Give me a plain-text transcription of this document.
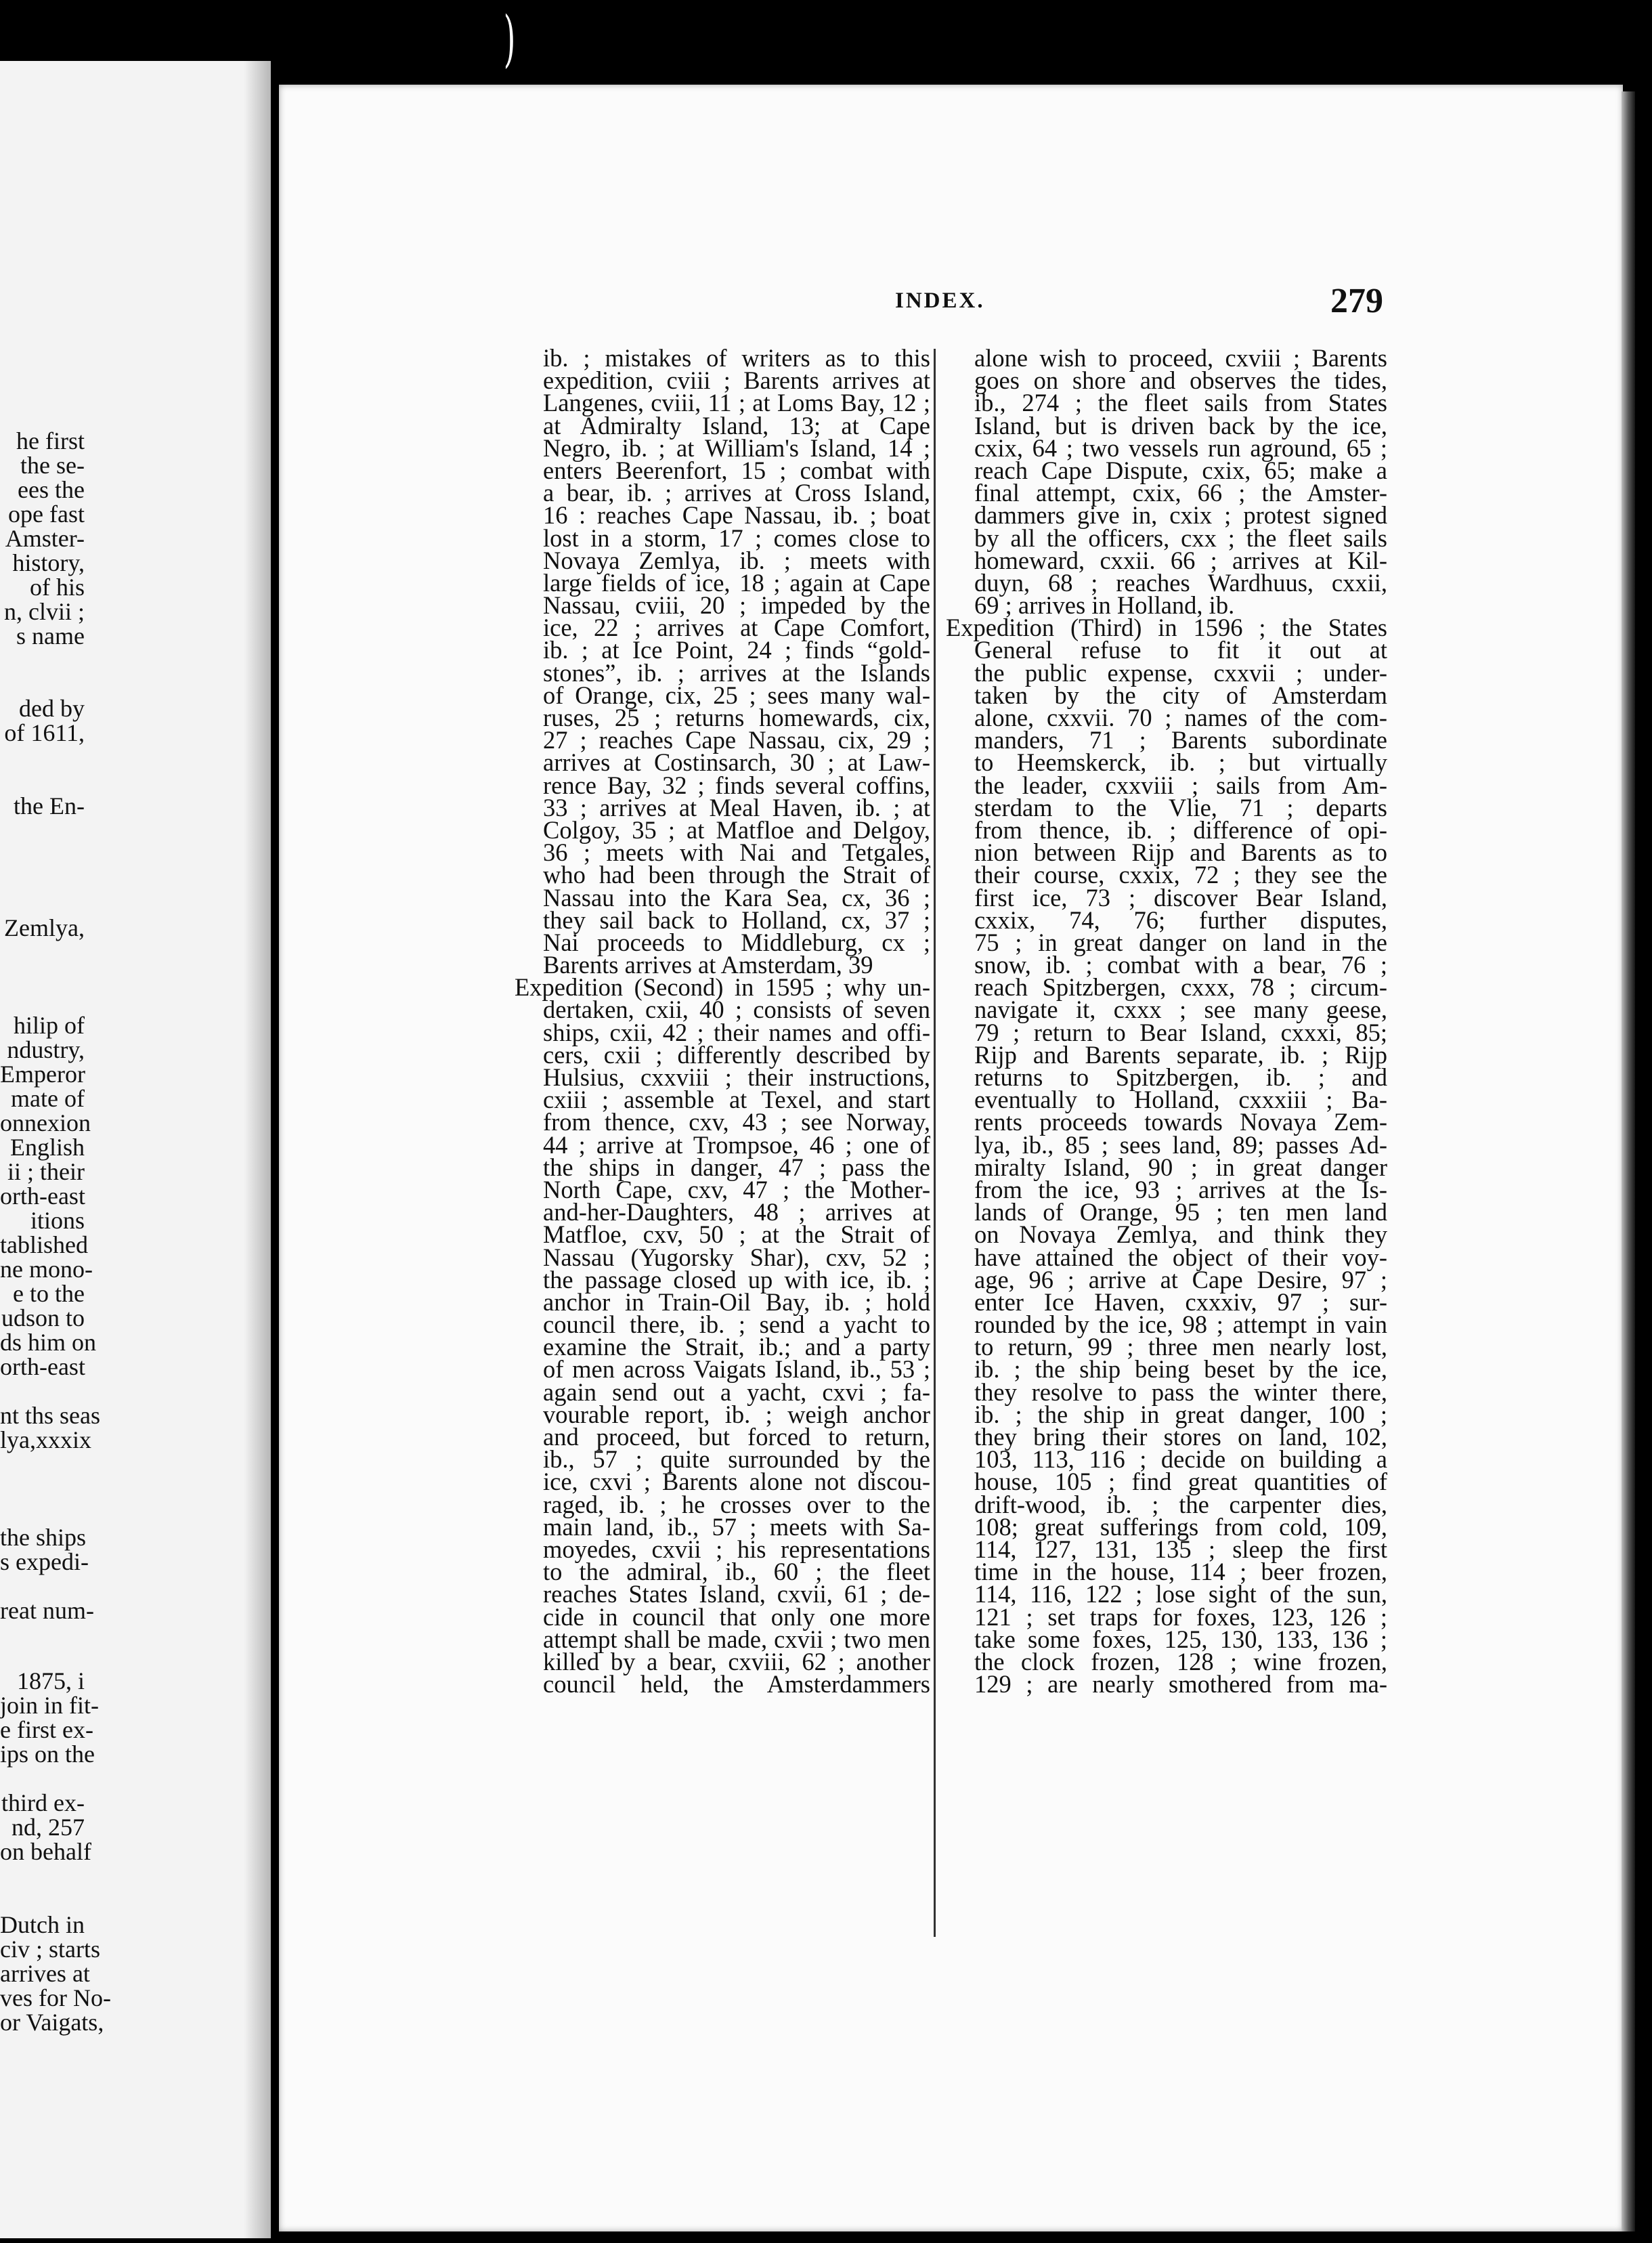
he first
the se-
ees the
ope fast
Amster-
history,
of his
n, clvii ;
s name
ded by
of 1611,
the En-
Zemlya,
hilip of
ndustry,
Emperor
mate of
onnexion
English
ii ; their
orth-east
itions
tablished
ne mono-
e to the
udson to
ds him on
orth-east
nt ths seas
lya,xxxix
the ships
s expedi-
reat num-
1875, i
join in fit-
e first ex-
ips on the
third ex-
nd, 257
on behalf
Dutch in
civ ; starts
arrives at
ves for No-
or Vaigats,
)
INDEX.	279
ib. ; mistakes of writers as to this
expedition, cviii ; Barents arrives at
Langenes, cviii, 11 ; at Loms Bay, 12 ;
at Admiralty Island, 13; at Cape
Negro, ib. ; at William's Island, 14 ;
enters Beerenfort, 15 ; combat with
a bear, ib. ; arrives at Cross Island,
16 : reaches Cape Nassau, ib. ; boat
lost in a storm, 17 ; comes close to
Novaya Zemlya, ib. ; meets with
large fields of ice, 18 ; again at Cape
Nassau, cviii, 20 ; impeded by the
ice, 22 ; arrives at Cape Comfort,
ib. ; at Ice Point, 24 ; finds “gold-
stones”, ib. ; arrives at the Islands
of Orange, cix, 25 ; sees many wal-
ruses, 25 ; returns homewards, cix,
27 ; reaches Cape Nassau, cix, 29 ;
arrives at Costinsarch, 30 ; at Law-
rence Bay, 32 ; finds several coffins,
33 ; arrives at Meal Haven, ib. ; at
Colgoy, 35 ; at Matfloe and Delgoy,
36 ; meets with Nai and Tetgales,
who had been through the Strait of
Nassau into the Kara Sea, cx, 36 ;
they sail back to Holland, cx, 37 ;
Nai proceeds to Middleburg, cx ;
Barents arrives at Amsterdam, 39
Expedition (Second) in 1595 ; why un-
dertaken, cxii, 40 ; consists of seven
ships, cxii, 42 ; their names and offi-
cers, cxii ; differently described by
Hulsius, cxxviii ; their instructions,
cxiii ; assemble at Texel, and start
from thence, cxv, 43 ; see Norway,
44 ; arrive at Trompsoe, 46 ; one of
the ships in danger, 47 ; pass the
North Cape, cxv, 47 ; the Mother-
and-her-Daughters, 48 ; arrives at
Matfloe, cxv, 50 ; at the Strait of
Nassau (Yugorsky Shar), cxv, 52 ;
the passage closed up with ice, ib. ;
anchor in Train-Oil Bay, ib. ; hold
council there, ib. ; send a yacht to
examine the Strait, ib.; and a party
of men across Vaigats Island, ib., 53 ;
again send out a yacht, cxvi ; fa-
vourable report, ib. ; weigh anchor
and proceed, but forced to return,
ib., 57 ; quite surrounded by the
ice, cxvi ; Barents alone not discou-
raged, ib. ; he crosses over to the
main land, ib., 57 ; meets with Sa-
moyedes, cxvii ; his representations
to the admiral, ib., 60 ; the fleet
reaches States Island, cxvii, 61 ; de-
cide in council that only one more
attempt shall be made, cxvii ; two men
killed by a bear, cxviii, 62 ; another
council held, the Amsterdammers
alone wish to proceed, cxviii ; Barents
goes on shore and observes the tides,
ib., 274 ; the fleet sails from States
Island, but is driven back by the ice,
cxix, 64 ; two vessels run aground, 65 ;
reach Cape Dispute, cxix, 65; make a
final attempt, cxix, 66 ; the Amster-
dammers give in, cxix ; protest signed
by all the officers, cxx ; the fleet sails
homeward, cxxii. 66 ; arrives at Kil-
duyn, 68 ; reaches Wardhuus, cxxii,
69 ; arrives in Holland, ib.
Expedition (Third) in 1596 ; the States
General refuse to fit it out at
the public expense, cxxvii ; under-
taken by the city of Amsterdam
alone, cxxvii. 70 ; names of the com-
manders, 71 ; Barents subordinate
to Heemskerck, ib. ; but virtually
the leader, cxxviii ; sails from Am-
sterdam to the Vlie, 71 ; departs
from thence, ib. ; difference of opi-
nion between Rijp and Barents as to
their course, cxxix, 72 ; they see the
first ice, 73 ; discover Bear Island,
cxxix, 74, 76; further disputes,
75 ; in great danger on land in the
snow, ib. ; combat with a bear, 76 ;
reach Spitzbergen, cxxx, 78 ; circum-
navigate it, cxxx ; see many geese,
79 ; return to Bear Island, cxxxi, 85;
Rijp and Barents separate, ib. ; Rijp
returns to Spitzbergen, ib. ; and
eventually to Holland, cxxxiii ; Ba-
rents proceeds towards Novaya Zem-
lya, ib., 85 ; sees land, 89; passes Ad-
miralty Island, 90 ; in great danger
from the ice, 93 ; arrives at the Is-
lands of Orange, 95 ; ten men land
on Novaya Zemlya, and think they
have attained the object of their voy-
age, 96 ; arrive at Cape Desire, 97 ;
enter Ice Haven, cxxxiv, 97 ; sur-
rounded by the ice, 98 ; attempt in vain
to return, 99 ; three men nearly lost,
ib. ; the ship being beset by the ice,
they resolve to pass the winter there,
ib. ; the ship in great danger, 100 ;
they bring their stores on land, 102,
103, 113, 116 ; decide on building a
house, 105 ; find great quantities of
drift-wood, ib. ; the carpenter dies,
108; great sufferings from cold, 109,
114, 127, 131, 135 ; sleep the first
time in the house, 114 ; beer frozen,
114, 116, 122 ; lose sight of the sun,
121 ; set traps for foxes, 123, 126 ;
take some foxes, 125, 130, 133, 136 ;
the clock frozen, 128 ; wine frozen,
129 ; are nearly smothered from ma-
